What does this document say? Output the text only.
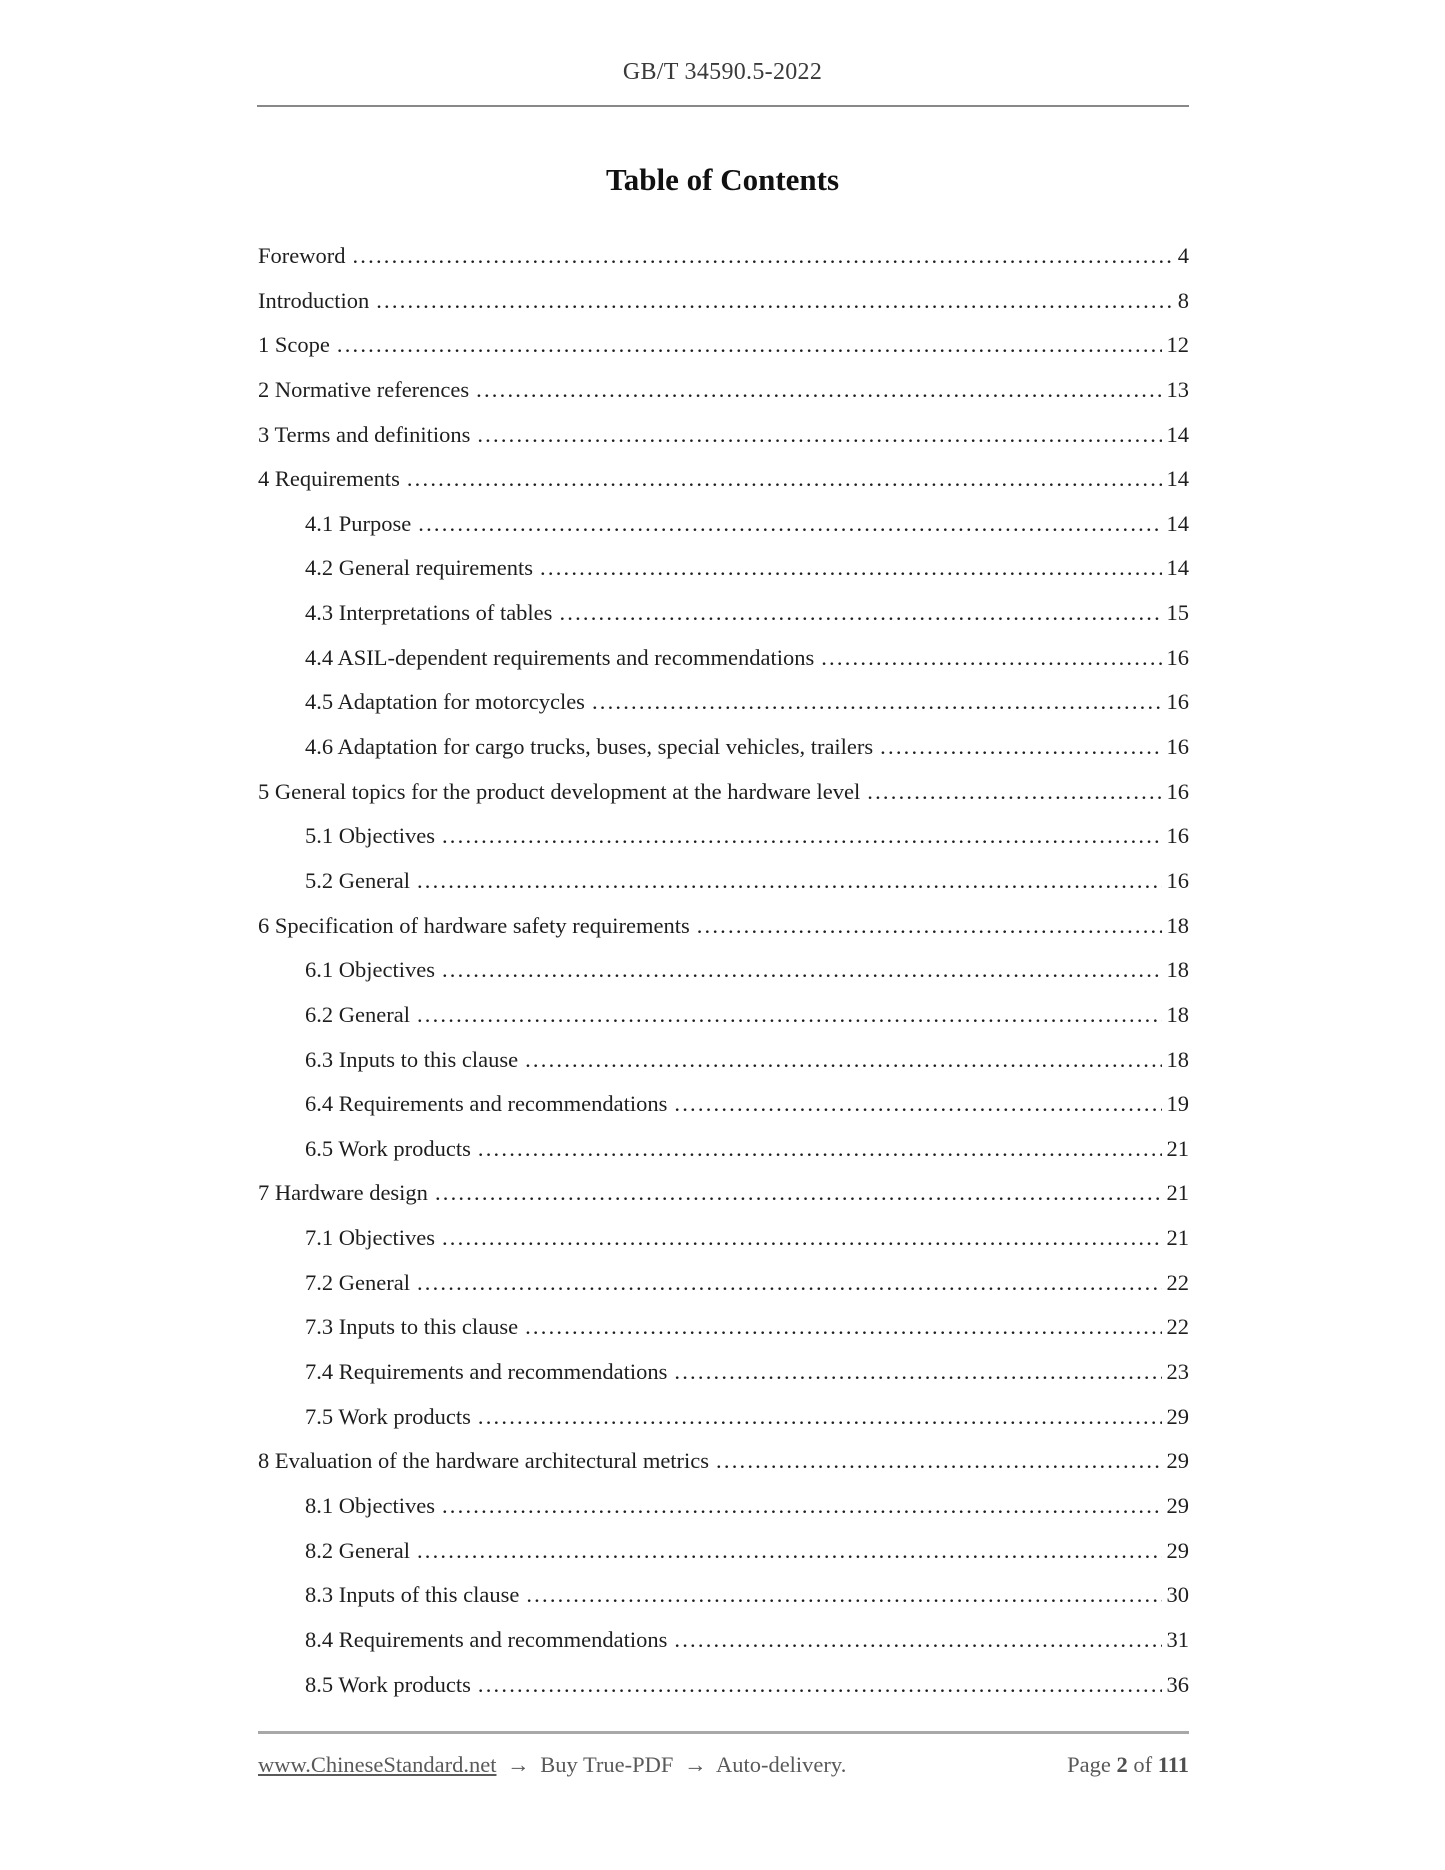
GB/T 34590.5-2022
Table of Contents
Foreword .....	4
Introduction .....	8
1 Scope .....	12
2 Normative references .....	13
3 Terms and definitions .....	14
4 Requirements .....	14
4.1 Purpose .....	14
4.2 General requirements .....	14
4.3 Interpretations of tables .....	15
4.4 ASIL-dependent requirements and recommendations .....	16
4.5 Adaptation for motorcycles .....	16
4.6 Adaptation for cargo trucks, buses, special vehicles, trailers .....	16
5 General topics for the product development at the hardware level .....	16
5.1 Objectives .....	16
5.2 General .....	16
6 Specification of hardware safety requirements .....	18
6.1 Objectives .....	18
6.2 General .....	18
6.3 Inputs to this clause .....	18
6.4 Requirements and recommendations .....	19
6.5 Work products .....	21
7 Hardware design .....	21
7.1 Objectives .....	21
7.2 General .....	22
7.3 Inputs to this clause .....	22
7.4 Requirements and recommendations .....	23
7.5 Work products .....	29
8 Evaluation of the hardware architectural metrics .....	29
8.1 Objectives .....	29
8.2 General .....	29
8.3 Inputs of this clause .....	30
8.4 Requirements and recommendations .....	31
8.5 Work products .....	36
www.ChineseStandard.net → Buy True-PDF → Auto-delivery.	Page 2 of 111
